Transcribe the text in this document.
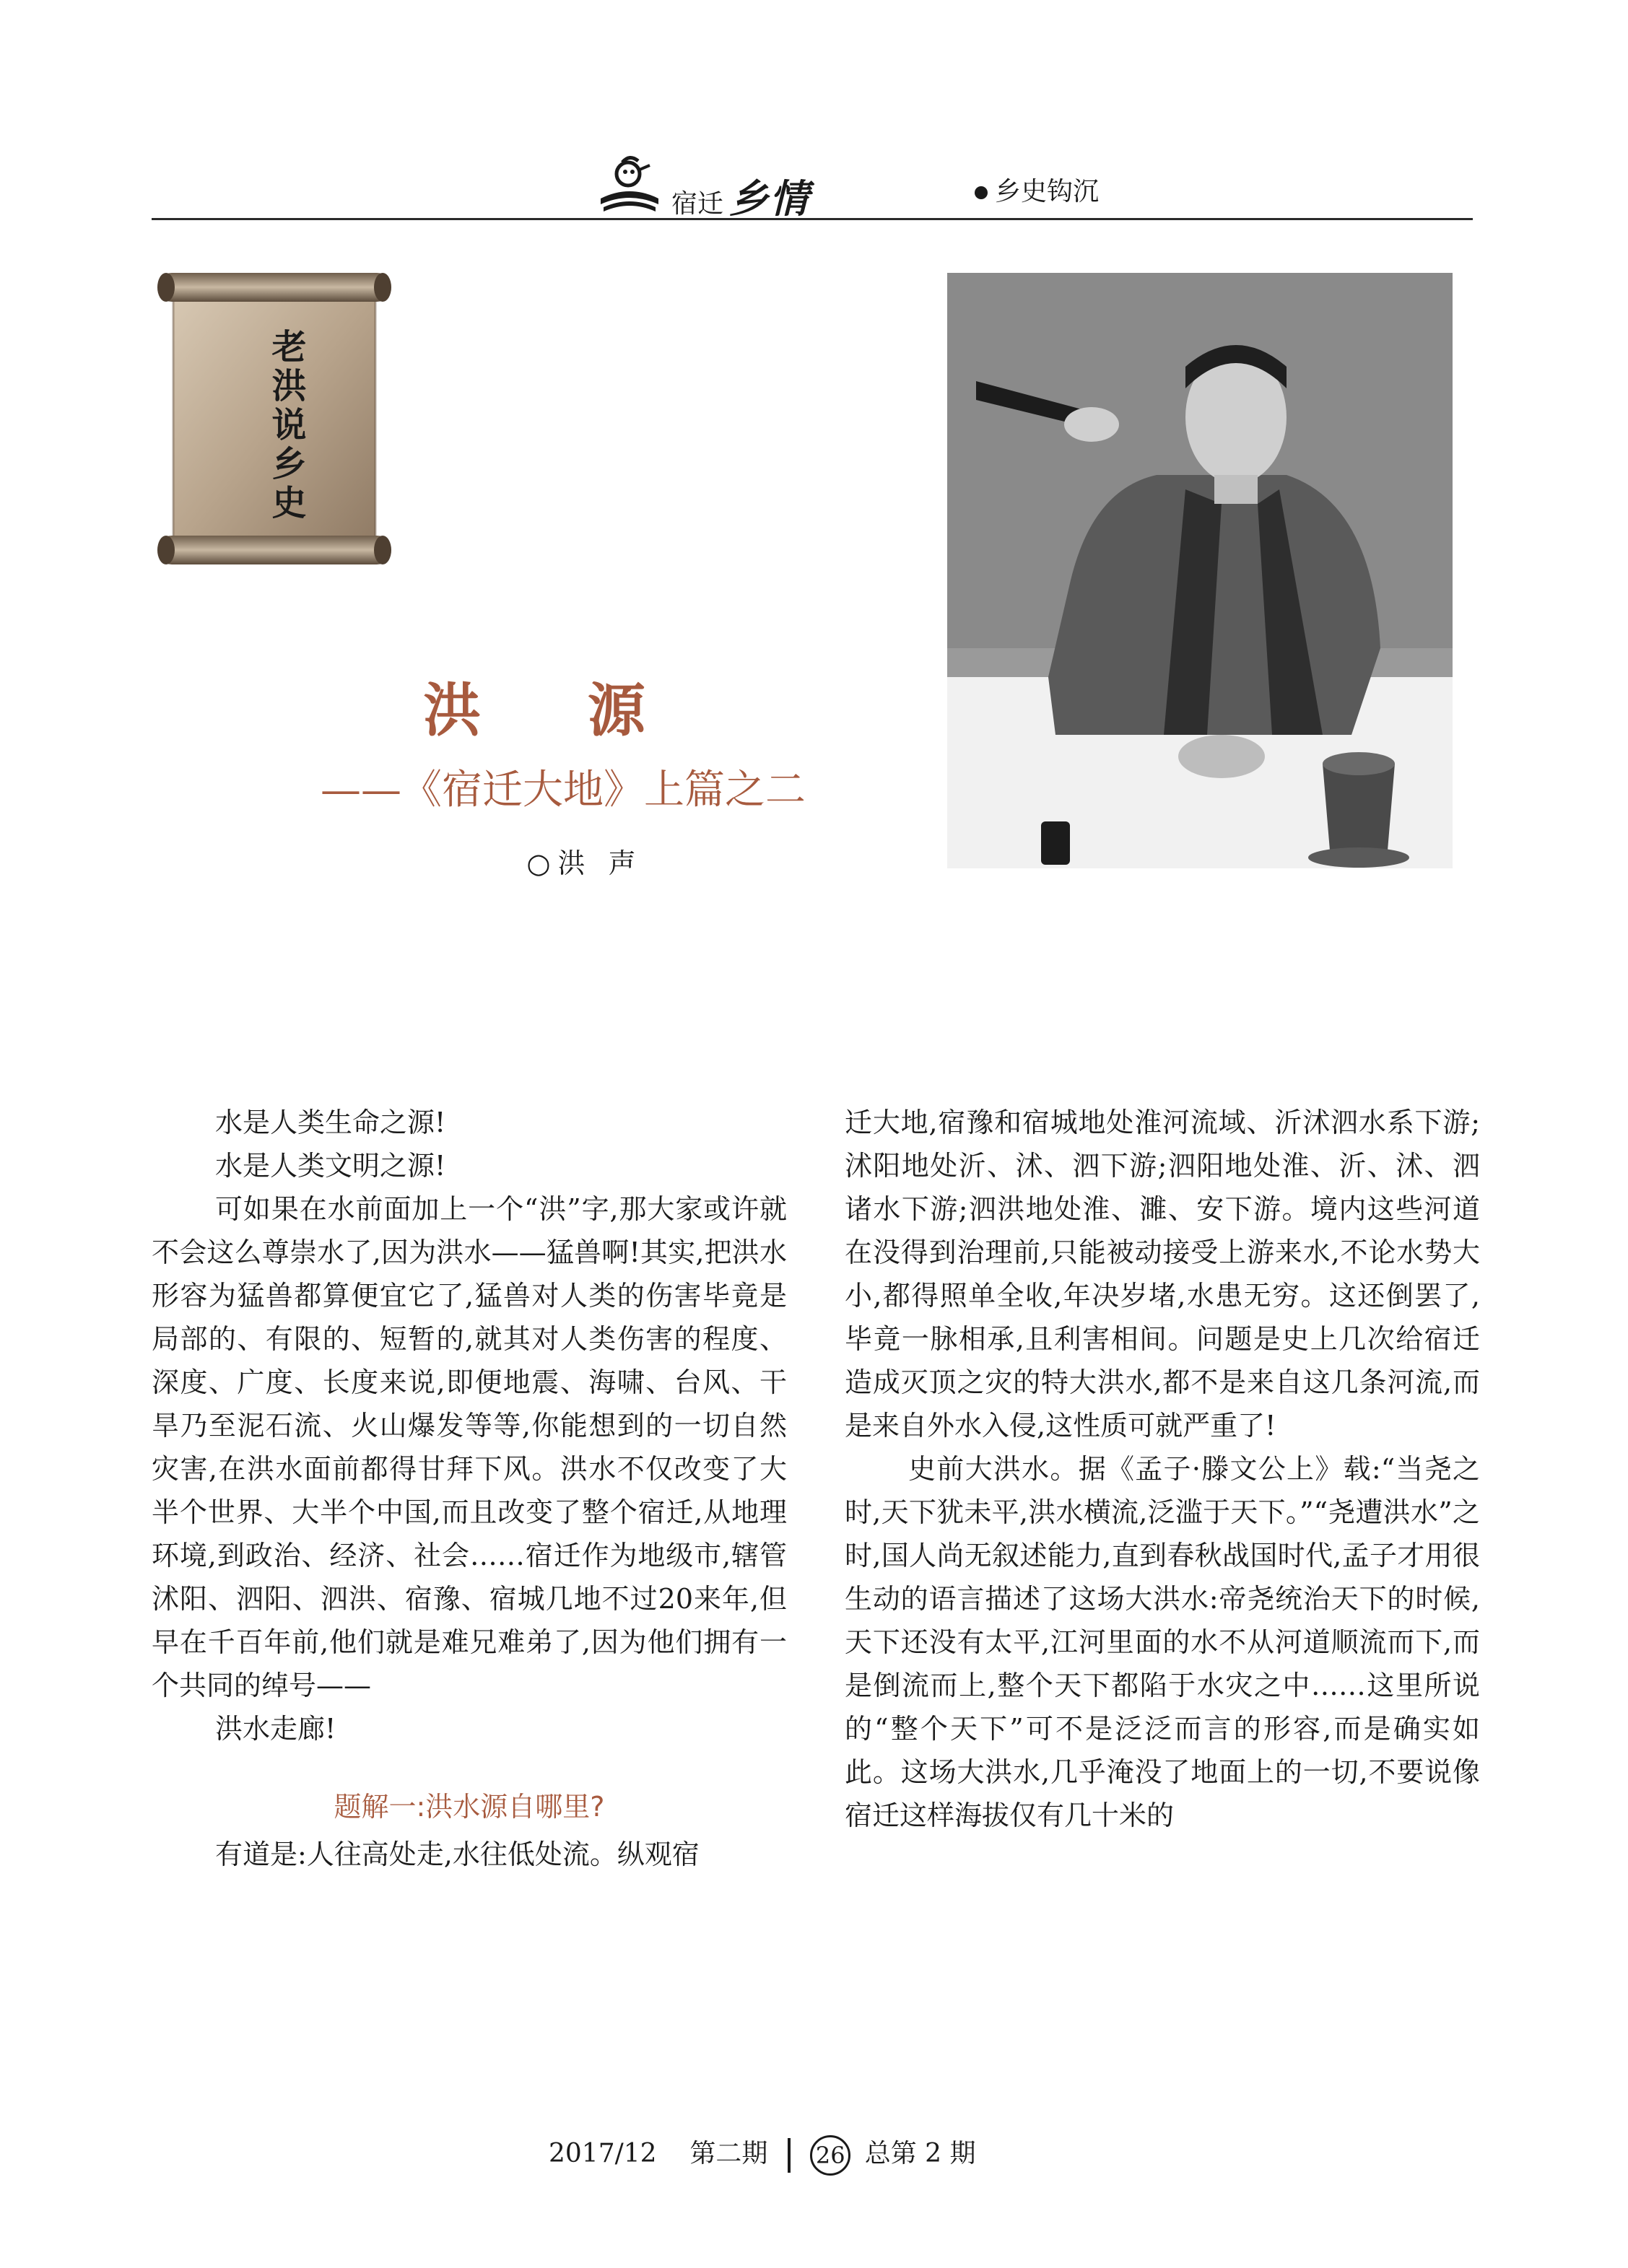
宿迁 乡情	乡史钩沉
老洪说乡史
洪 源
——《宿迁大地》上篇之二
○洪 声

水是人类生命之源!

水是人类文明之源!

可如果在水前面加上一个“洪”字,那大家或许就不会这么尊崇水了,因为洪水——猛兽啊!其实,把洪水形容为猛兽都算便宜它了,猛兽对人类的伤害毕竟是局部的、有限的、短暂的,就其对人类伤害的程度、深度、广度、长度来说,即便地震、海啸、台风、干旱乃至泥石流、火山爆发等等,你能想到的一切自然灾害,在洪水面前都得甘拜下风。洪水不仅改变了大半个世界、大半个中国,而且改变了整个宿迁,从地理环境,到政治、经济、社会……宿迁作为地级市,辖管沭阳、泗阳、泗洪、宿豫、宿城几地不过20来年,但早在千百年前,他们就是难兄难弟了,因为他们拥有一个共同的绰号——

洪水走廊!

题解一:洪水源自哪里?

有道是:人往高处走,水往低处流。纵观宿

迁大地,宿豫和宿城地处淮河流域、沂沭泗水系下游;沭阳地处沂、沭、泗下游;泗阳地处淮、沂、沭、泗诸水下游;泗洪地处淮、濉、安下游。境内这些河道在没得到治理前,只能被动接受上游来水,不论水势大小,都得照单全收,年决岁堵,水患无穷。这还倒罢了,毕竟一脉相承,且利害相间。问题是史上几次给宿迁造成灭顶之灾的特大洪水,都不是来自这几条河流,而是来自外水入侵,这性质可就严重了!

史前大洪水。据《孟子·滕文公上》载:“当尧之时,天下犹未平,洪水横流,泛滥于天下。”“尧遭洪水”之时,国人尚无叙述能力,直到春秋战国时代,孟子才用很生动的语言描述了这场大洪水:帝尧统治天下的时候,天下还没有太平,江河里面的水不从河道顺流而下,而是倒流而上,整个天下都陷于水灾之中……这里所说的“整个天下”可不是泛泛而言的形容,而是确实如此。这场大洪水,几乎淹没了地面上的一切,不要说像宿迁这样海拔仅有几十米的

2017/12 第二期 26 总第 2 期
